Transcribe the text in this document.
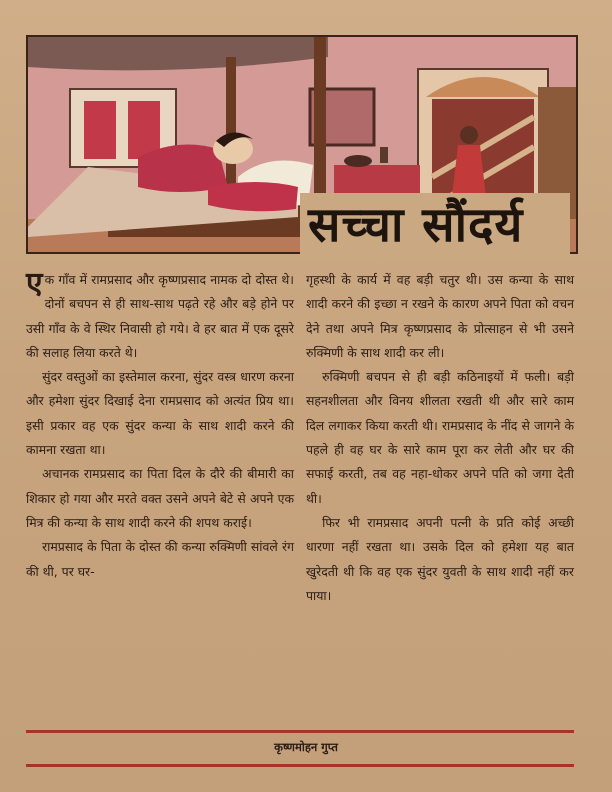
सच्चा सौंदर्य

एक गाँव में रामप्रसाद और कृष्णप्रसाद नामक दो दोस्त थे। दोनों बचपन से ही साथ-साथ पढ़ते रहे और बड़े होने पर उसी गाँव के वे स्थिर निवासी हो गये। वे हर बात में एक दूसरे की सलाह लिया करते थे।

सुंदर वस्तुओं का इस्तेमाल करना, सुंदर वस्त्र धारण करना और हमेशा सुंदर दिखाई देना रामप्रसाद को अत्यंत प्रिय था। इसी प्रकार वह एक सुंदर कन्या के साथ शादी करने की कामना रखता था।

अचानक रामप्रसाद का पिता दिल के दौरे की बीमारी का शिकार हो गया और मरते वक्त उसने अपने बेटे से अपने एक मित्र की कन्या के साथ शादी करने की शपथ कराई।

रामप्रसाद के पिता के दोस्त की कन्या रुक्मिणी सांवले रंग की थी, पर घर-

गृहस्थी के कार्य में वह बड़ी चतुर थी। उस कन्या के साथ शादी करने की इच्छा न रखने के कारण अपने पिता को वचन देने तथा अपने मित्र कृष्णप्रसाद के प्रोत्साहन से भी उसने रुक्मिणी के साथ शादी कर ली।

रुक्मिणी बचपन से ही बड़ी कठिनाइयों में फली। बड़ी सहनशीलता और विनय शीलता रखती थी और सारे काम दिल लगाकर किया करती थी। रामप्रसाद के नींद से जागने के पहले ही वह घर के सारे काम पूरा कर लेती और घर की सफाई करती, तब वह नहा-धोकर अपने पति को जगा देती थी।

फिर भी रामप्रसाद अपनी पत्नी के प्रति कोई अच्छी धारणा नहीं रखता था। उसके दिल को हमेशा यह बात खुरेदती थी कि वह एक सुंदर युवती के साथ शादी नहीं कर पाया।

कृष्णमोहन गुप्त
